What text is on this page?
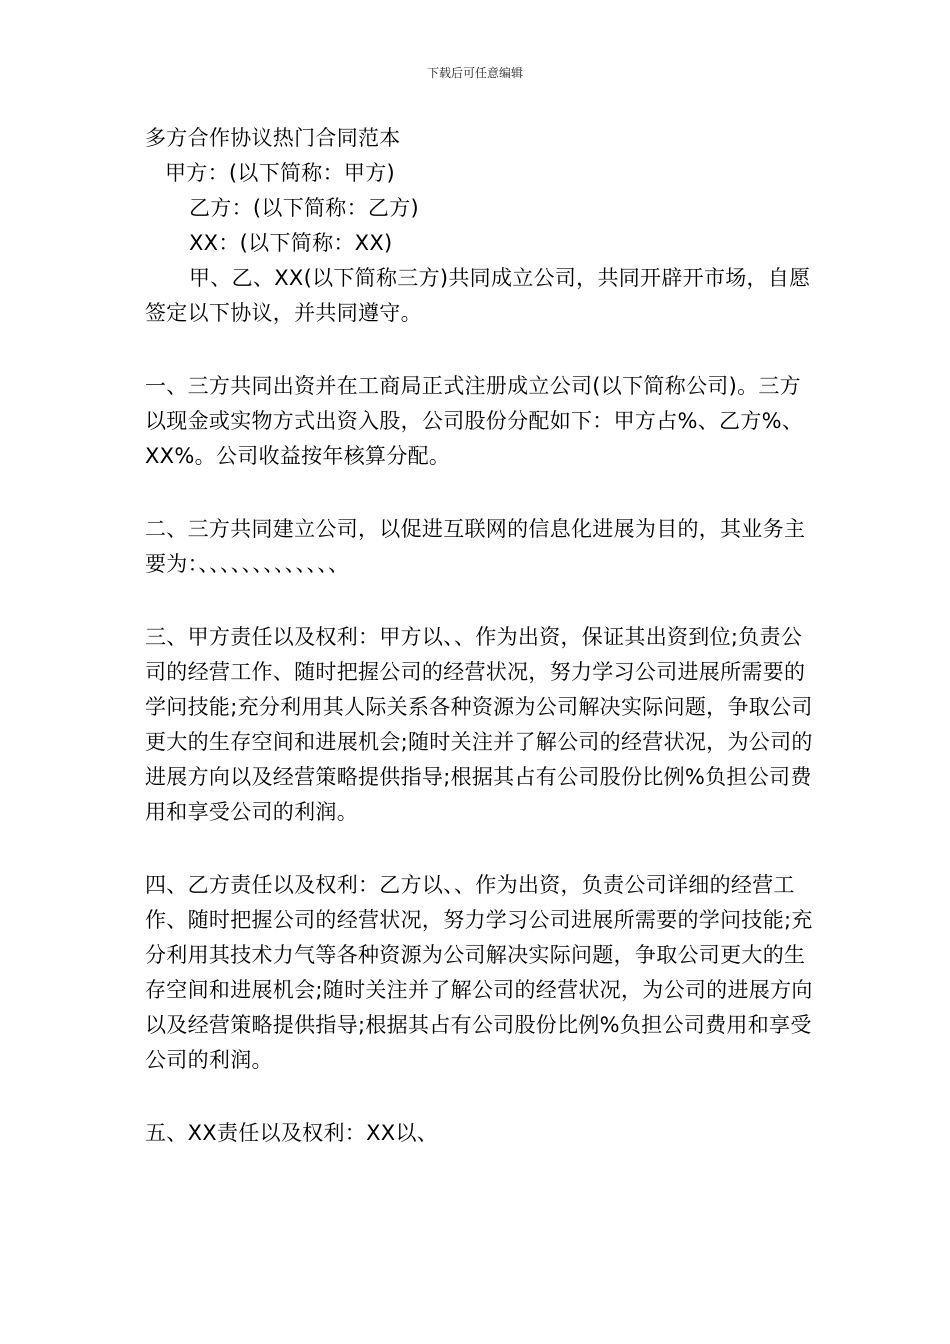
下载后可任意编辑

多方合作协议热门合同范本

甲方：(以下简称：甲方)

乙方：(以下简称：乙方)

XX：(以下简称：XX)

甲、乙、XX(以下简称三方)共同成立公司，共同开辟开市场，自愿签定以下协议，并共同遵守。

一、三方共同出资并在工商局正式注册成立公司(以下简称公司)。三方以现金或实物方式出资入股，公司股份分配如下：甲方占%、乙方%、XX%。公司收益按年核算分配。

二、三方共同建立公司，以促进互联网的信息化进展为目的，其业务主要为：、、、、、、、、、、、、、

三、甲方责任以及权利：甲方以、、作为出资，保证其出资到位;负责公司的经营工作、随时把握公司的经营状况，努力学习公司进展所需要的学问技能;充分利用其人际关系各种资源为公司解决实际问题，争取公司更大的生存空间和进展机会;随时关注并了解公司的经营状况，为公司的进展方向以及经营策略提供指导;根据其占有公司股份比例%负担公司费用和享受公司的利润。

四、乙方责任以及权利：乙方以、、作为出资，负责公司详细的经营工作、随时把握公司的经营状况，努力学习公司进展所需要的学问技能;充分利用其技术力气等各种资源为公司解决实际问题，争取公司更大的生存空间和进展机会;随时关注并了解公司的经营状况，为公司的进展方向以及经营策略提供指导;根据其占有公司股份比例%负担公司费用和享受公司的利润。

五、XX责任以及权利：XX以、
